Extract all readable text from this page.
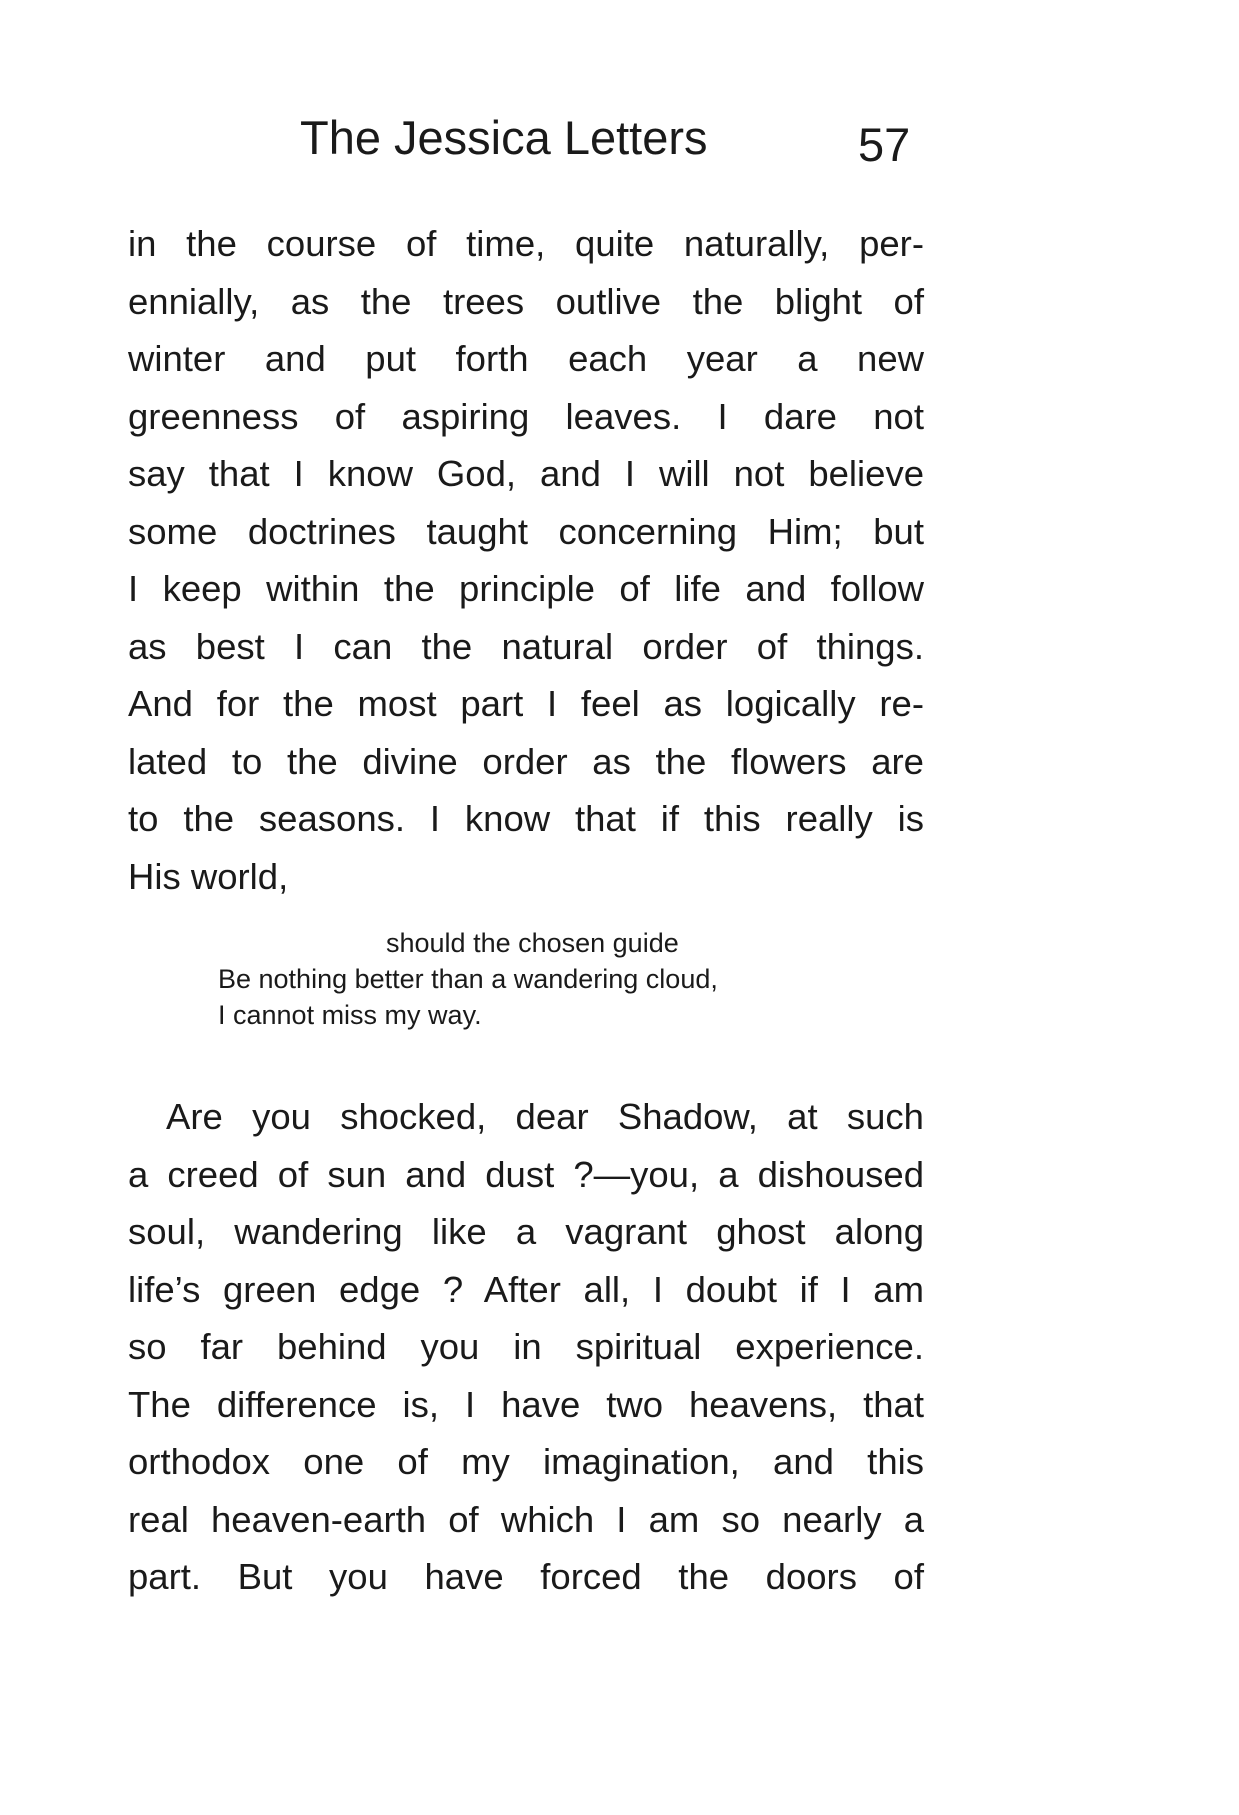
The Jessica Letters	57
in the course of time, quite naturally, per-
ennially, as the trees outlive the blight of
winter and put forth each year a new
greenness of aspiring leaves. I dare not
say that I know God, and I will not believe
some doctrines taught concerning Him; but
I keep within the principle of life and follow
as best I can the natural order of things.
And for the most part I feel as logically re-
lated to the divine order as the flowers are
to the seasons. I know that if this really is
His world,
should the chosen guide
Be nothing better than a wandering cloud,
I cannot miss my way.
Are you shocked, dear Shadow, at such
a creed of sun and dust ?—you, a dishoused
soul, wandering like a vagrant ghost along
life’s green edge ? After all, I doubt if I am
so far behind you in spiritual experience.
The difference is, I have two heavens, that
orthodox one of my imagination, and this
real heaven-earth of which I am so nearly a
part. But you have forced the doors of
